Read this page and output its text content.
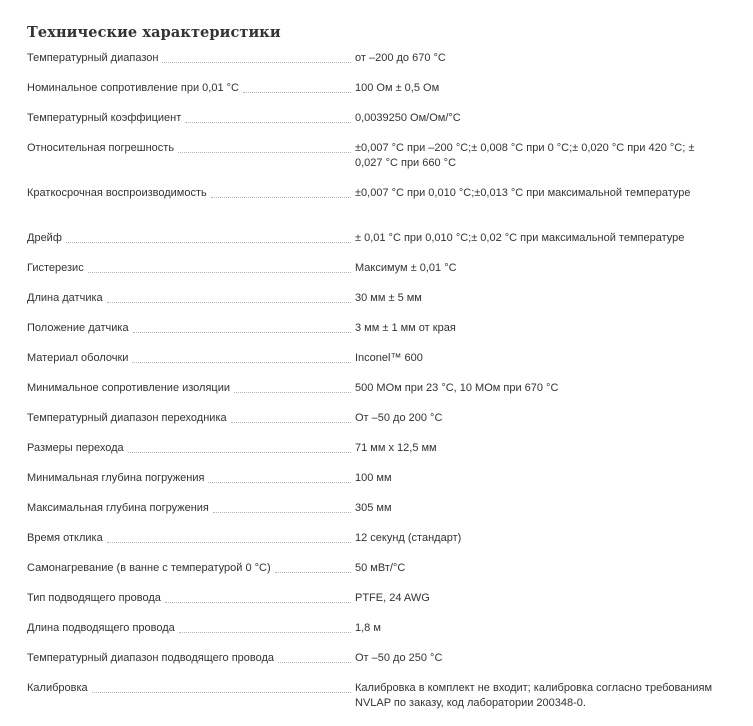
Технические характеристики
Температурный диапазон	от –200 до 670 °C
Номинальное сопротивление при 0,01 °C	100 Ом ± 0,5 Ом
Температурный коэффициент	0,0039250 Ом/Ом/°C
Относительная погрешность	±0,007 °C при –200 °C;± 0,008 °C при 0 °C;± 0,020 °C при 420 °C; ± 0,027 °C при 660 °C
Краткосрочная воспроизводимость	±0,007 °C при 0,010 °C;±0,013 °C при максимальной температуре
Дрейф	± 0,01 °C при 0,010 °C;± 0,02 °C при максимальной температуре
Гистерезис	Максимум ± 0,01 °C
Длина датчика	30 мм ± 5 мм
Положение датчика	3 мм ± 1 мм от края
Материал оболочки	Inconel™ 600
Минимальное сопротивление изоляции	500 МОм при 23 °C, 10 МОм при 670 °C
Температурный диапазон переходника	От –50 до 200 °C
Размеры перехода	71 мм x 12,5 мм
Минимальная глубина погружения	100 мм
Максимальная глубина погружения	305 мм
Время отклика	12 секунд (стандарт)
Самонагревание (в ванне с температурой 0 °C)	50 мВт/°C
Тип подводящего провода	PTFE, 24 AWG
Длина подводящего провода	1,8 м
Температурный диапазон подводящего провода	От –50 до 250 °C
Калибровка	Калибровка в комплект не входит; калибровка согласно требованиям NVLAP по заказу, код лаборатории 200348-0.
